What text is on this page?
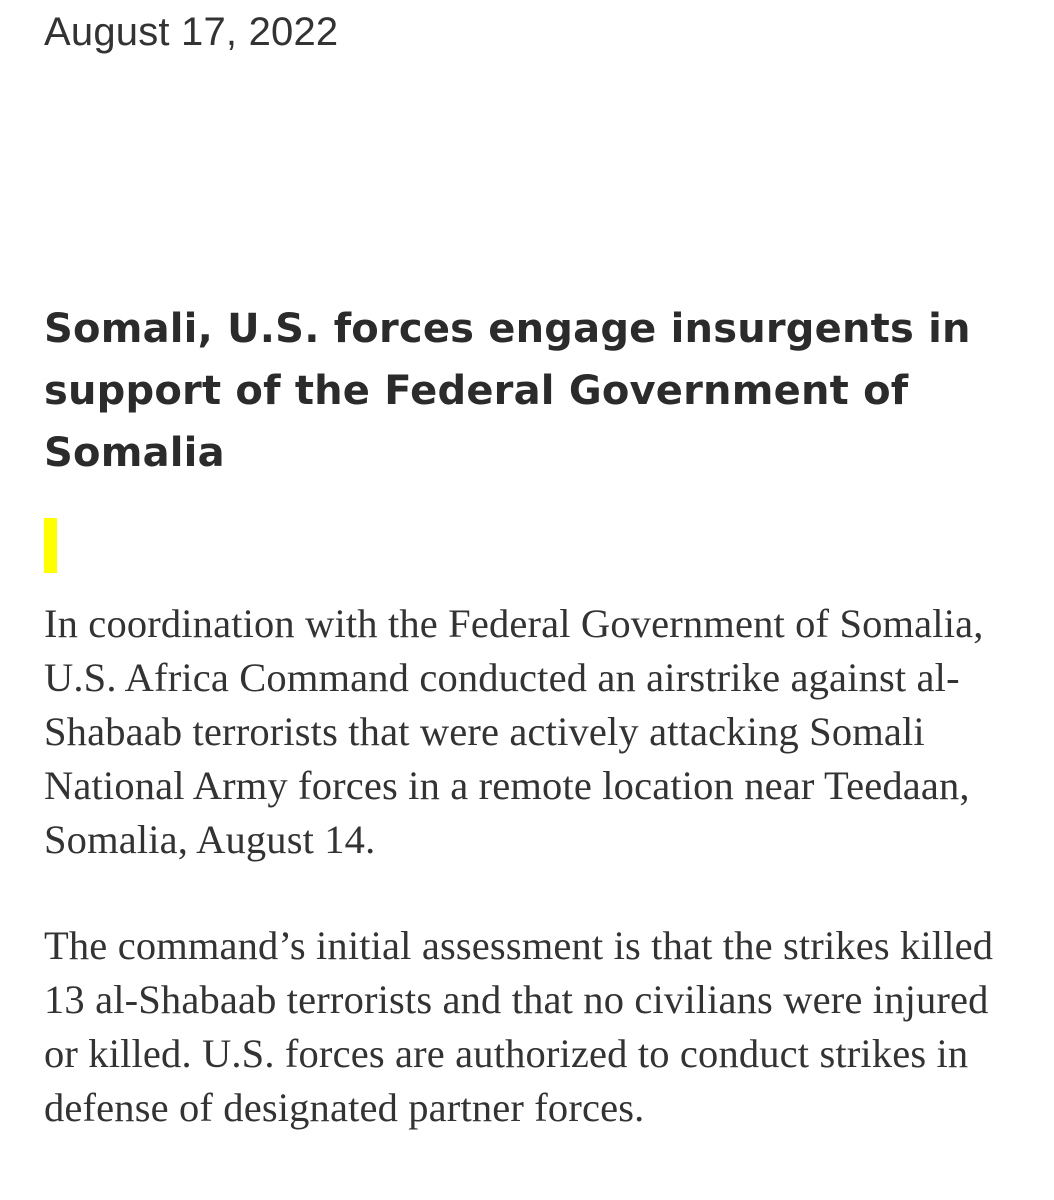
August 17, 2022
Somali, U.S. forces engage insurgents in support of the Federal Government of Somalia

In coordination with the Federal Government of Somalia, U.S. Africa Command conducted an airstrike against al-Shabaab terrorists that were actively attacking Somali National Army forces in a remote location near Teedaan, Somalia, August 14.

The command’s initial assessment is that the strikes killed 13 al-Shabaab terrorists and that no civilians were injured or killed. U.S. forces are authorized to conduct strikes in defense of designated partner forces.
